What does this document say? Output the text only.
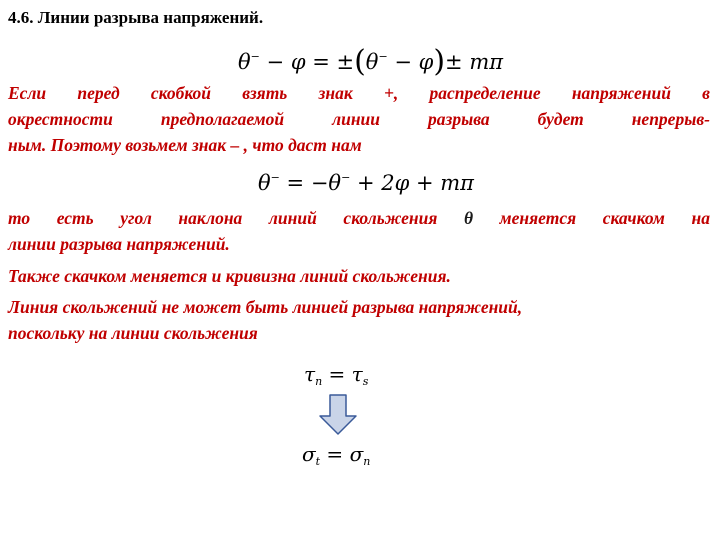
4.6. Линии разрыва напряжений.
θ− − φ = ±(θ− − φ)± mπ
Если перед скобкой взять знак +, распределение напряжений в
окрестности предполагаемой линии разрыва будет непрерыв-
ным. Поэтому возьмем знак – , что даст нам
θ− = −θ− + 2φ + mπ
то есть угол наклона линий скольжения θ меняется скачком на
линии разрыва напряжений.
Также скачком меняется и кривизна линий скольжения.
Линия скольжений не может быть линией разрыва напряжений,
поскольку на линии скольжения
$\tau_n = \tau_s$
$\sigma_t = \sigma_n$
